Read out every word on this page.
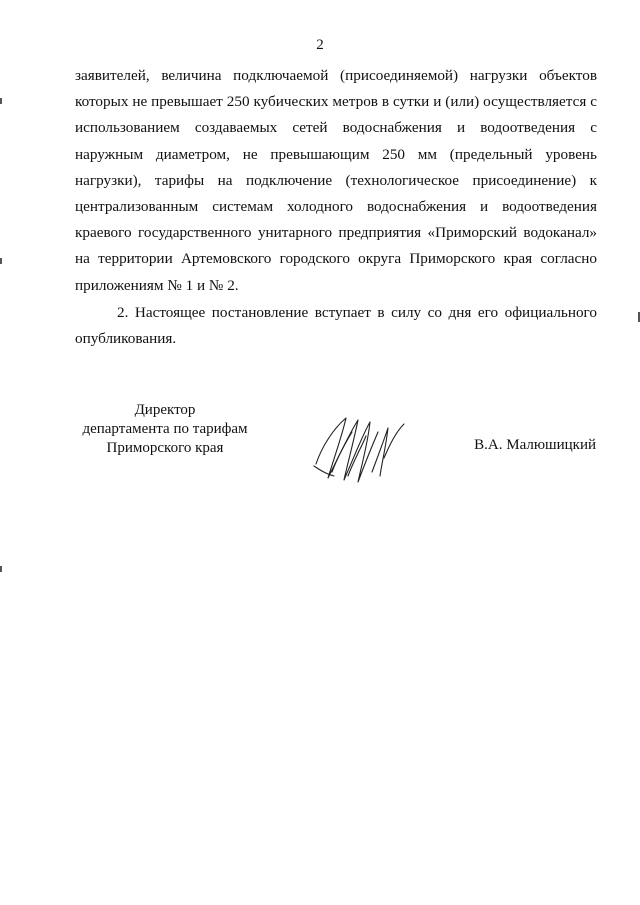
2

заявителей, величина подключаемой (присоединяемой) нагрузки объектов которых не превышает 250 кубических метров в сутки и (или) осуществляется с использованием создаваемых сетей водоснабжения и водоотведения с наружным диаметром, не превышающим 250 мм (предельный уровень нагрузки), тарифы на подключение (технологическое присоединение) к централизованным системам холодного водоснабжения и водоотведения краевого государственного унитарного предприятия «Приморский водоканал» на территории Артемовского городского округа Приморского края согласно приложениям № 1 и № 2.

2. Настоящее постановление вступает в силу со дня его официального опубликования.

Директор
департамента по тарифам
Приморского края	В.А. Малюшицкий
